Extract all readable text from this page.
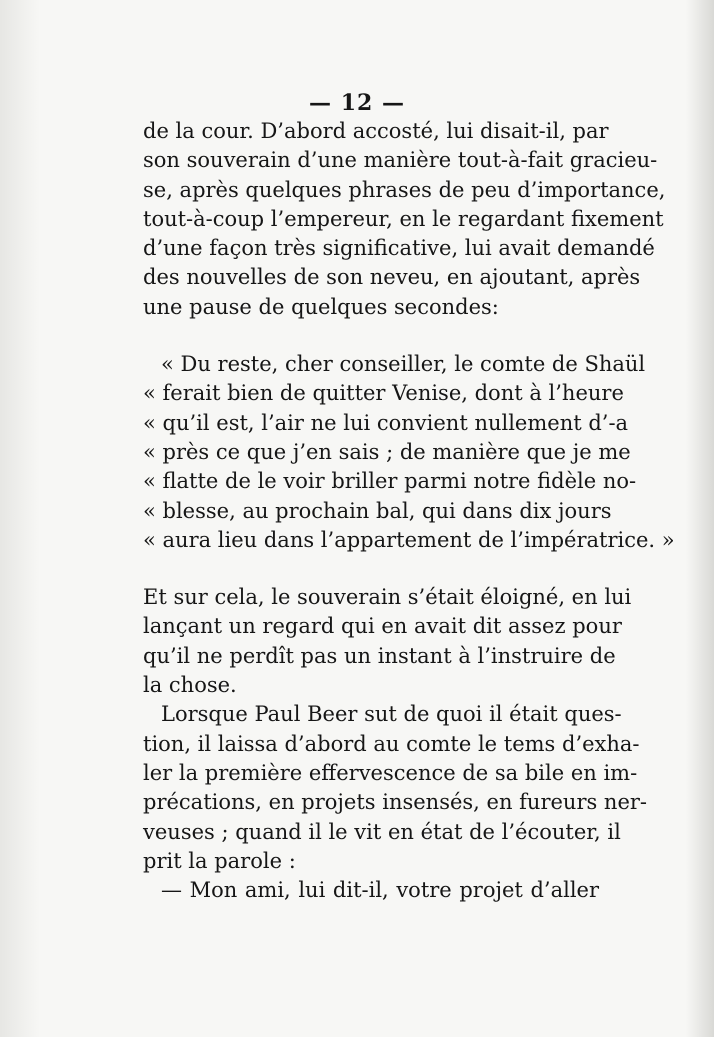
— 12 —
de la cour. D’abord accosté, lui disait-il, par
son souverain d’une manière tout-à-fait gracieu-
se, après quelques phrases de peu d’importance,
tout-à-coup l’empereur, en le regardant fixement
d’une façon très significative, lui avait demandé
des nouvelles de son neveu, en ajoutant, après
une pause de quelques secondes:
« Du reste, cher conseiller, le comte de Shaül
« ferait bien de quitter Venise, dont à l’heure
« qu’il est, l’air ne lui convient nullement d’-a
« près ce que j’en sais ; de manière que je me
« flatte de le voir briller parmi notre fidèle no-
« blesse, au prochain bal, qui dans dix jours
« aura lieu dans l’appartement de l’impératrice. »
Et sur cela, le souverain s’était éloigné, en lui
lançant un regard qui en avait dit assez pour
qu’il ne perdît pas un instant à l’instruire de
la chose.
Lorsque Paul Beer sut de quoi il était ques-
tion, il laissa d’abord au comte le tems d’exha-
ler la première effervescence de sa bile en im-
précations, en projets insensés, en fureurs ner-
veuses ; quand il le vit en état de l’écouter, il
prit la parole :
— Mon ami, lui dit-il, votre projet d’aller
